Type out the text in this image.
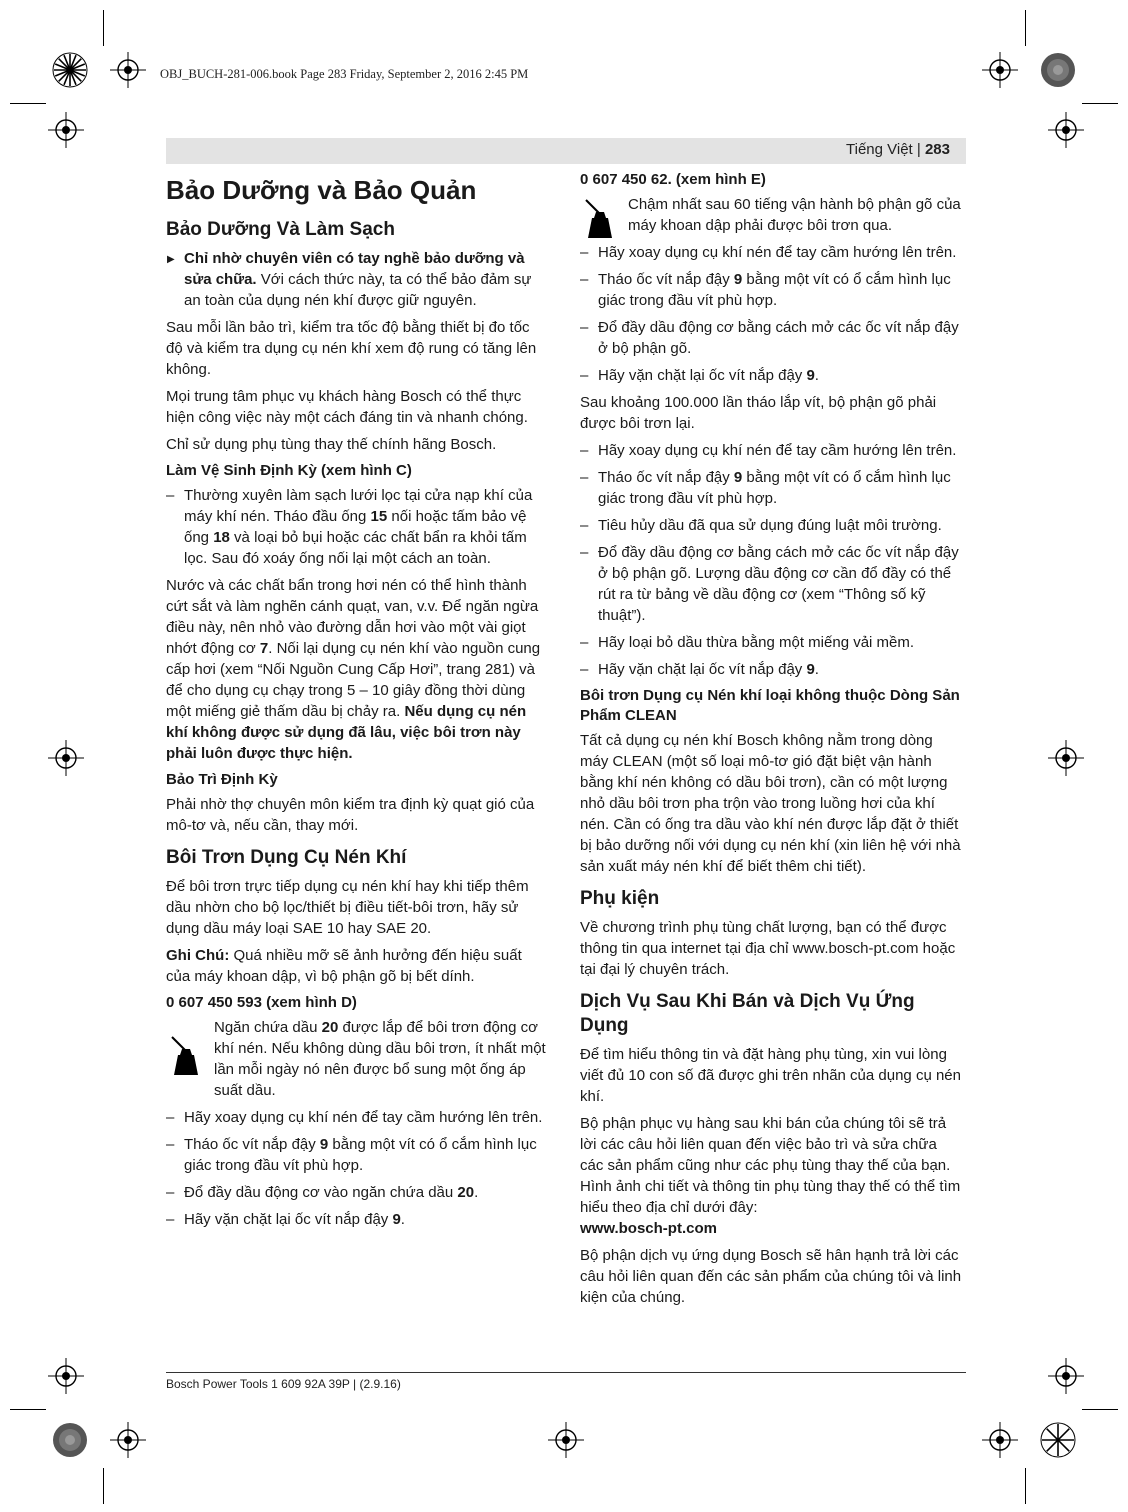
OBJ_BUCH-281-006.book Page 283 Friday, September 2, 2016 2:45 PM
Tiếng Việt | 283
Bảo Dưỡng và Bảo Quản
Bảo Dưỡng Và Làm Sạch

▶ Chỉ nhờ chuyên viên có tay nghề bảo dưỡng và sửa chữa. Với cách thức này, ta có thể bảo đảm sự an toàn của dụng nén khí được giữ nguyên.

Sau mỗi lần bảo trì, kiểm tra tốc độ bằng thiết bị đo tốc độ và kiểm tra dụng cụ nén khí xem độ rung có tăng lên không.

Mọi trung tâm phục vụ khách hàng Bosch có thể thực hiện công việc này một cách đáng tin và nhanh chóng.

Chỉ sử dụng phụ tùng thay thế chính hãng Bosch.

Làm Vệ Sinh Định Kỳ (xem hình C)

– Thường xuyên làm sạch lưới lọc tại cửa nạp khí của máy khí nén. Tháo đầu ống 15 nối hoặc tấm bảo vệ ống 18 và loại bỏ bụi hoặc các chất bẩn ra khỏi tấm lọc. Sau đó xoáy ống nối lại một cách an toàn.

Nước và các chất bẩn trong hơi nén có thể hình thành cứt sắt và làm nghẽn cánh quạt, van, v.v. Để ngăn ngừa điều này, nên nhỏ vào đường dẫn hơi vào một vài giọt nhớt động cơ 7. Nối lại dụng cụ nén khí vào nguồn cung cấp hơi (xem “Nối Nguồn Cung Cấp Hơi”, trang 281) và để cho dụng cụ chạy trong 5 – 10 giây đồng thời dùng một miếng giẻ thấm dầu bị chảy ra. Nếu dụng cụ nén khí không được sử dụng đã lâu, việc bôi trơn này phải luôn được thực hiện.

Bảo Trì Định Kỳ

Phải nhờ thợ chuyên môn kiểm tra định kỳ quạt gió của mô-tơ và, nếu cần, thay mới.

Bôi Trơn Dụng Cụ Nén Khí

Để bôi trơn trực tiếp dụng cụ nén khí hay khi tiếp thêm dầu nhờn cho bộ lọc/thiết bị điều tiết-bôi trơn, hãy sử dụng dầu máy loại SAE 10 hay SAE 20.

Ghi Chú: Quá nhiều mỡ sẽ ảnh hưởng đến hiệu suất của máy khoan dập, vì bộ phận gõ bị bết dính.

0 607 450 593 (xem hình D)

Ngăn chứa dầu 20 được lắp để bôi trơn động cơ khí nén. Nếu không dùng dầu bôi trơn, ít nhất một lần mỗi ngày nó nên được bổ sung một ống áp suất dầu.

– Hãy xoay dụng cụ khí nén để tay cầm hướng lên trên.

– Tháo ốc vít nắp đậy 9 bằng một vít có ổ cắm hình lục giác trong đầu vít phù hợp.

– Đổ đầy dầu động cơ vào ngăn chứa dầu 20.

– Hãy vặn chặt lại ốc vít nắp đậy 9.

0 607 450 62. (xem hình E)

Chậm nhất sau 60 tiếng vận hành bộ phận gõ của máy khoan dập phải được bôi trơn qua.

– Hãy xoay dụng cụ khí nén để tay cầm hướng lên trên.

– Tháo ốc vít nắp đậy 9 bằng một vít có ổ cắm hình lục giác trong đầu vít phù hợp.

– Đổ đầy dầu động cơ bằng cách mở các ốc vít nắp đậy ở bộ phận gõ.

– Hãy vặn chặt lại ốc vít nắp đậy 9.

Sau khoảng 100.000 lần tháo lắp vít, bộ phận gõ phải được bôi trơn lại.

– Hãy xoay dụng cụ khí nén để tay cầm hướng lên trên.

– Tháo ốc vít nắp đậy 9 bằng một vít có ổ cắm hình lục giác trong đầu vít phù hợp.

– Tiêu hủy dầu đã qua sử dụng đúng luật môi trường.

– Đổ đầy dầu động cơ bằng cách mở các ốc vít nắp đậy ở bộ phận gõ. Lượng dầu động cơ cần đổ đầy có thể rút ra từ bảng về dầu động cơ (xem “Thông số kỹ thuật”).

– Hãy loại bỏ dầu thừa bằng một miếng vải mềm.

– Hãy vặn chặt lại ốc vít nắp đậy 9.

Bôi trơn Dụng cụ Nén khí loại không thuộc Dòng Sản Phẩm CLEAN

Tất cả dụng cụ nén khí Bosch không nằm trong dòng máy CLEAN (một số loại mô-tơ gió đặt biệt vận hành bằng khí nén không có dầu bôi trơn), cần có một lượng nhỏ dầu bôi trơn pha trộn vào trong luồng hơi của khí nén. Cần có ống tra dầu vào khí nén được lắp đặt ở thiết bị bảo dưỡng nối với dụng cụ nén khí (xin liên hệ với nhà sản xuất máy nén khí để biết thêm chi tiết).

Phụ kiện

Về chương trình phụ tùng chất lượng, bạn có thể được thông tin qua internet tại địa chỉ www.bosch-pt.com hoặc tại đại lý chuyên trách.

Dịch Vụ Sau Khi Bán và Dịch Vụ Ứng Dụng

Để tìm hiểu thông tin và đặt hàng phụ tùng, xin vui lòng viết đủ 10 con số đã được ghi trên nhãn của dụng cụ nén khí.

Bộ phận phục vụ hàng sau khi bán của chúng tôi sẽ trả lời các câu hỏi liên quan đến việc bảo trì và sửa chữa các sản phẩm cũng như các phụ tùng thay thế của bạn. Hình ảnh chi tiết và thông tin phụ tùng thay thế có thể tìm hiểu theo địa chỉ dưới đây:

www.bosch-pt.com

Bộ phận dịch vụ ứng dụng Bosch sẽ hân hạnh trả lời các câu hỏi liên quan đến các sản phẩm của chúng tôi và linh kiện của chúng.

Bosch Power Tools 1 609 92A 39P | (2.9.16)
